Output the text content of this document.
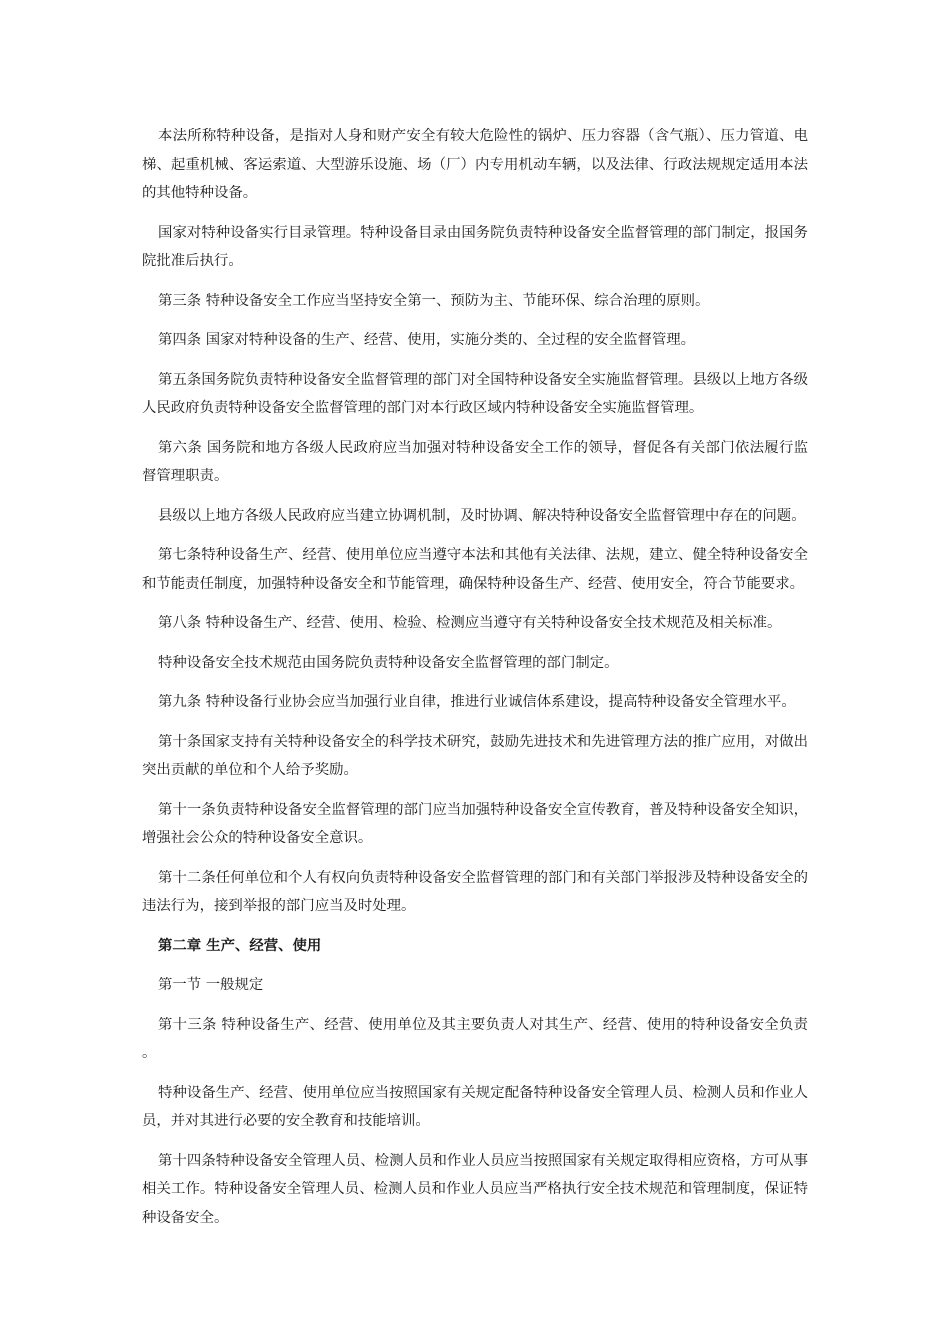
本法所称特种设备，是指对人身和财产安全有较大危险性的锅炉、压力容器（含气瓶）、压力管道、电梯、起重机械、客运索道、大型游乐设施、场（厂）内专用机动车辆，以及法律、行政法规规定适用本法的其他特种设备。

国家对特种设备实行目录管理。特种设备目录由国务院负责特种设备安全监督管理的部门制定，报国务院批准后执行。

第三条 特种设备安全工作应当坚持安全第一、预防为主、节能环保、综合治理的原则。

第四条 国家对特种设备的生产、经营、使用，实施分类的、全过程的安全监督管理。

第五条国务院负责特种设备安全监督管理的部门对全国特种设备安全实施监督管理。县级以上地方各级人民政府负责特种设备安全监督管理的部门对本行政区域内特种设备安全实施监督管理。

第六条 国务院和地方各级人民政府应当加强对特种设备安全工作的领导，督促各有关部门依法履行监督管理职责。

县级以上地方各级人民政府应当建立协调机制，及时协调、解决特种设备安全监督管理中存在的问题。

第七条特种设备生产、经营、使用单位应当遵守本法和其他有关法律、法规，建立、健全特种设备安全和节能责任制度，加强特种设备安全和节能管理，确保特种设备生产、经营、使用安全，符合节能要求。

第八条 特种设备生产、经营、使用、检验、检测应当遵守有关特种设备安全技术规范及相关标准。

特种设备安全技术规范由国务院负责特种设备安全监督管理的部门制定。

第九条 特种设备行业协会应当加强行业自律，推进行业诚信体系建设，提高特种设备安全管理水平。

第十条国家支持有关特种设备安全的科学技术研究，鼓励先进技术和先进管理方法的推广应用，对做出突出贡献的单位和个人给予奖励。

第十一条负责特种设备安全监督管理的部门应当加强特种设备安全宣传教育，普及特种设备安全知识，增强社会公众的特种设备安全意识。

第十二条任何单位和个人有权向负责特种设备安全监督管理的部门和有关部门举报涉及特种设备安全的违法行为，接到举报的部门应当及时处理。

第二章 生产、经营、使用

第一节 一般规定

第十三条 特种设备生产、经营、使用单位及其主要负责人对其生产、经营、使用的特种设备安全负责。

特种设备生产、经营、使用单位应当按照国家有关规定配备特种设备安全管理人员、检测人员和作业人员，并对其进行必要的安全教育和技能培训。

第十四条特种设备安全管理人员、检测人员和作业人员应当按照国家有关规定取得相应资格，方可从事相关工作。特种设备安全管理人员、检测人员和作业人员应当严格执行安全技术规范和管理制度，保证特种设备安全。
